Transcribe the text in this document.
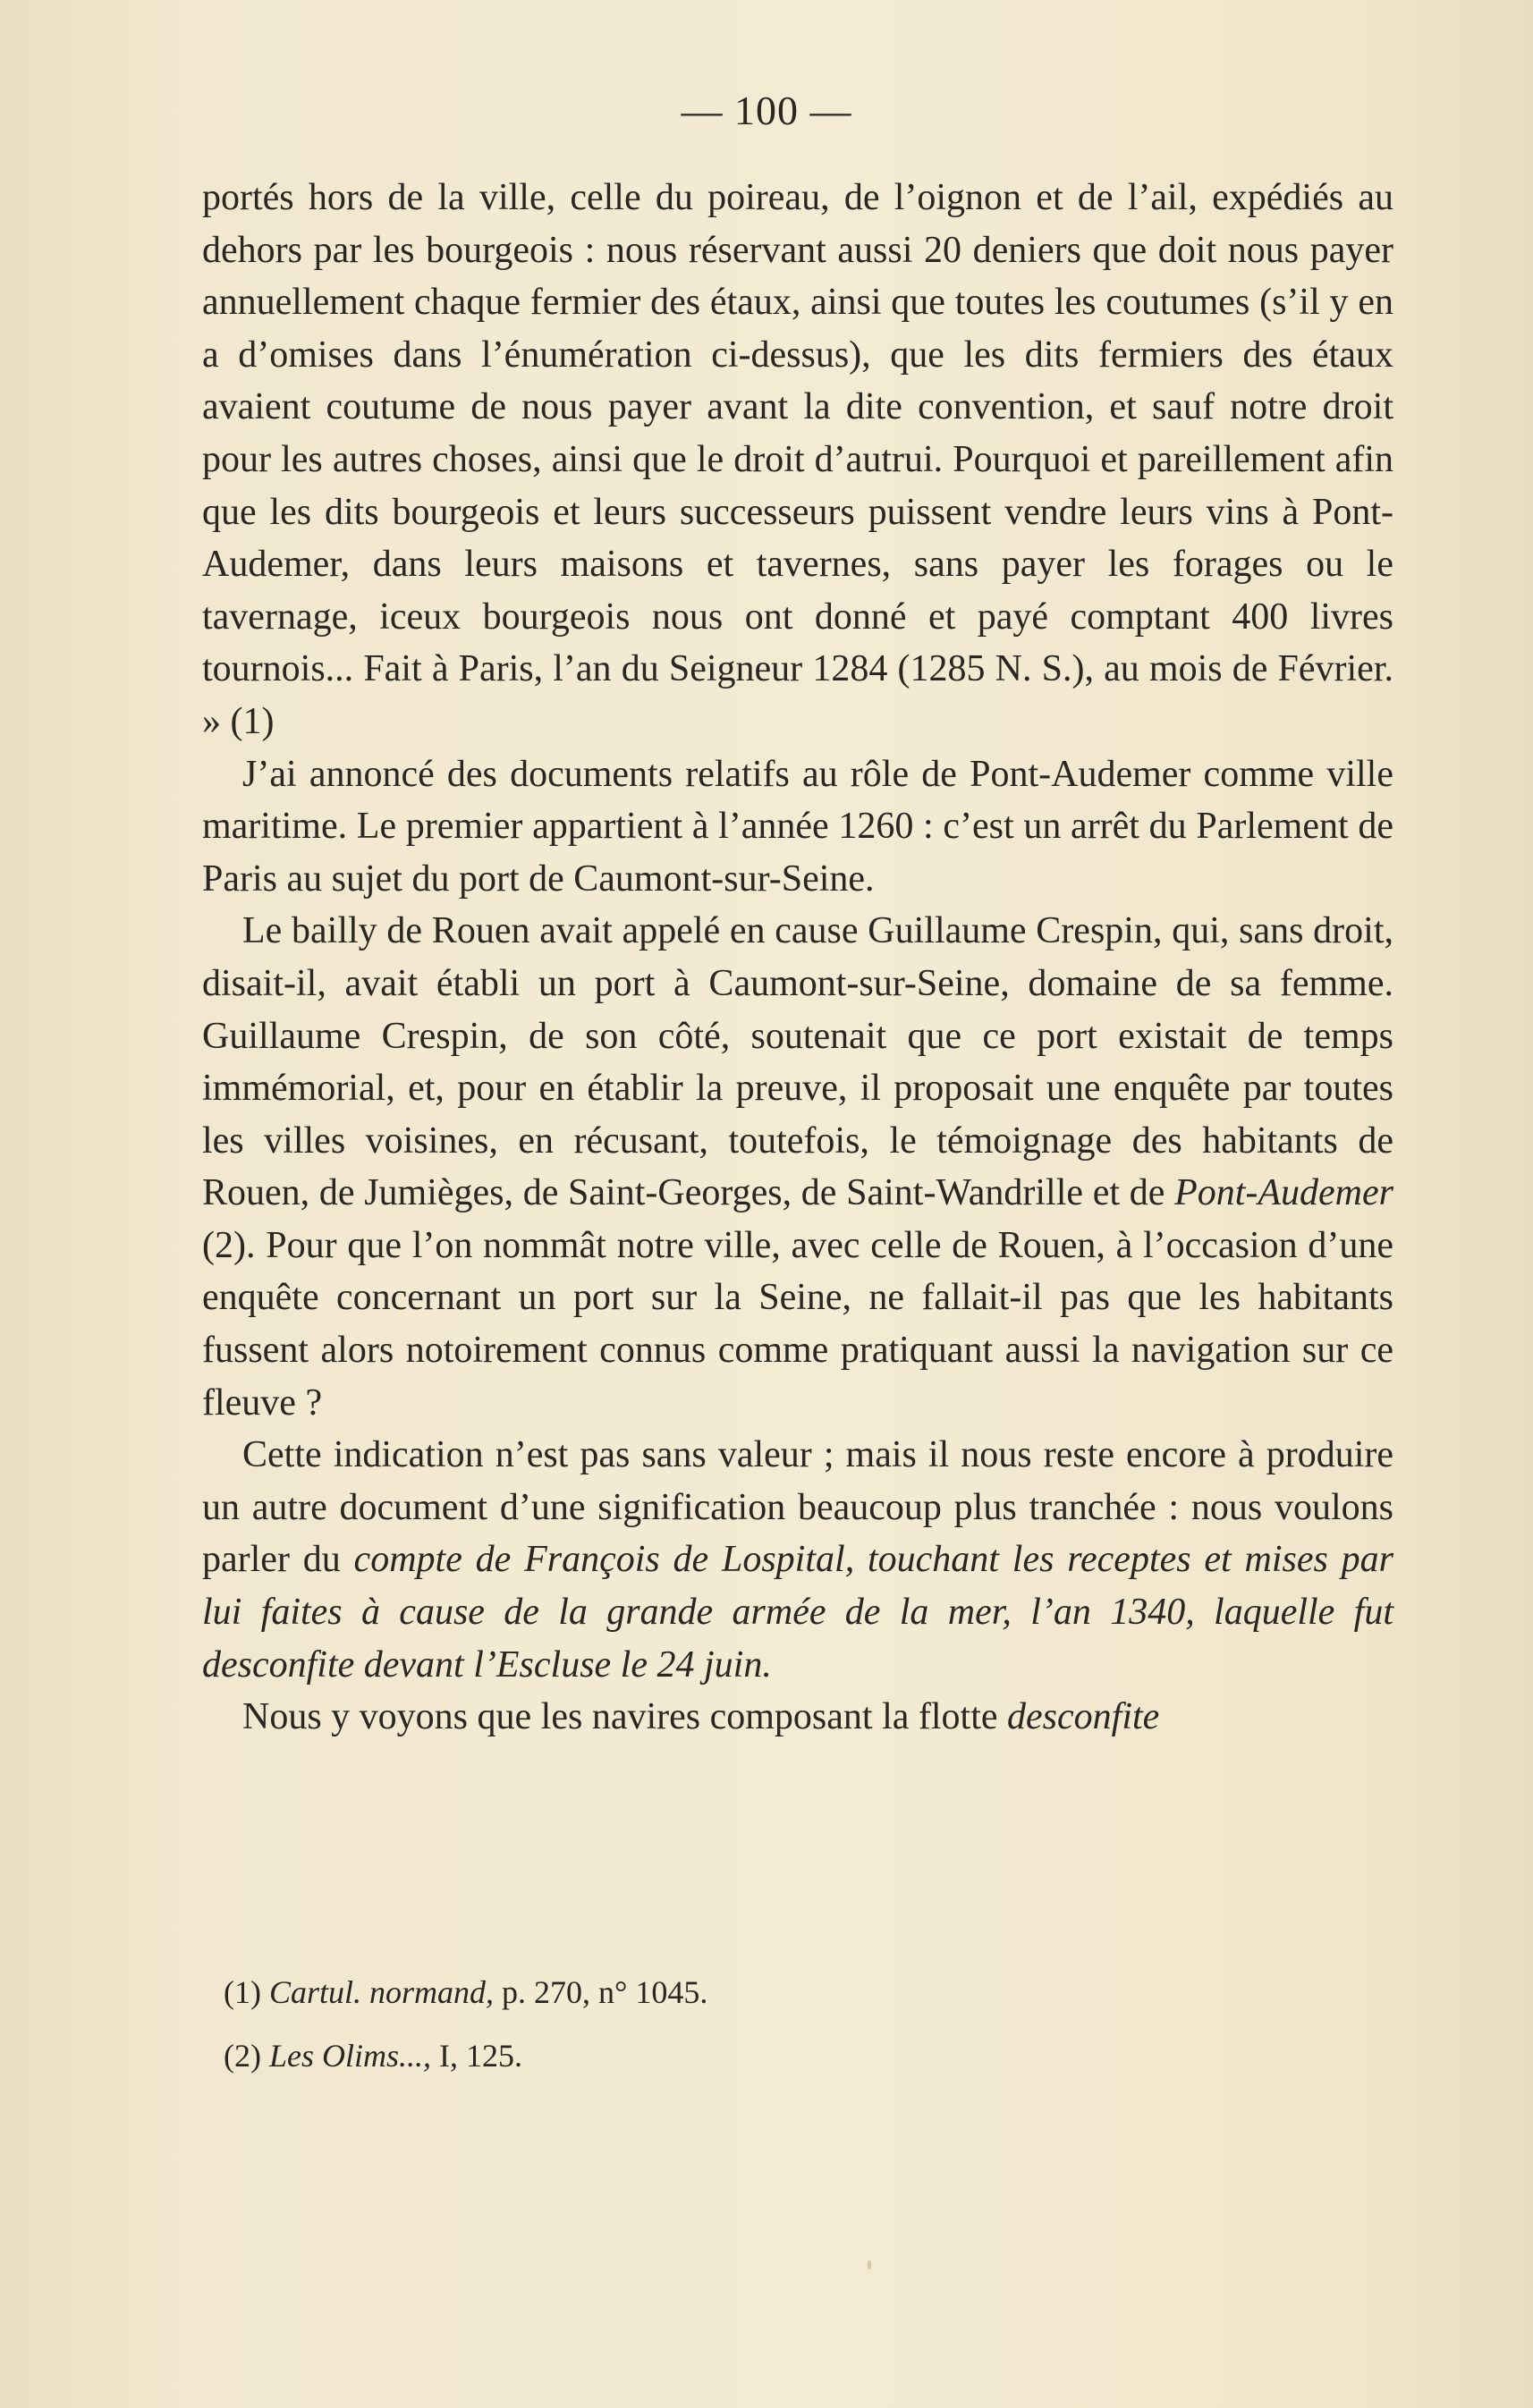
— 100 —

portés hors de la ville, celle du poireau, de l’oignon et de l’ail, expédiés au dehors par les bourgeois : nous réservant aussi 20 deniers que doit nous payer annuellement chaque fermier des étaux, ainsi que toutes les coutumes (s’il y en a d’omises dans l’énumération ci-dessus), que les dits fermiers des étaux avaient coutume de nous payer avant la dite convention, et sauf notre droit pour les autres choses, ainsi que le droit d’autrui. Pourquoi et pareillement afin que les dits bourgeois et leurs successeurs puissent vendre leurs vins à Pont-Audemer, dans leurs maisons et tavernes, sans payer les forages ou le tavernage, iceux bourgeois nous ont donné et payé comptant 400 livres tournois... Fait à Paris, l’an du Seigneur 1284 (1285 N. S.), au mois de Février. » (1)

J’ai annoncé des documents relatifs au rôle de Pont-Audemer comme ville maritime. Le premier appartient à l’année 1260 : c’est un arrêt du Parlement de Paris au sujet du port de Caumont-sur-Seine.

Le bailly de Rouen avait appelé en cause Guillaume Crespin, qui, sans droit, disait-il, avait établi un port à Caumont-sur-Seine, domaine de sa femme. Guillaume Crespin, de son côté, soutenait que ce port existait de temps immémorial, et, pour en établir la preuve, il proposait une enquête par toutes les villes voisines, en récusant, toutefois, le témoignage des habitants de Rouen, de Jumièges, de Saint-Georges, de Saint-Wandrille et de Pont-Audemer (2). Pour que l’on nommât notre ville, avec celle de Rouen, à l’occasion d’une enquête concernant un port sur la Seine, ne fallait-il pas que les habitants fussent alors notoirement connus comme pratiquant aussi la navigation sur ce fleuve ?

Cette indication n’est pas sans valeur ; mais il nous reste encore à produire un autre document d’une signification beaucoup plus tranchée : nous voulons parler du compte de François de Lospital, touchant les receptes et mises par lui faites à cause de la grande armée de la mer, l’an 1340, laquelle fut desconfite devant l’Escluse le 24 juin.

Nous y voyons que les navires composant la flotte desconfite

(1) Cartul. normand, p. 270, n° 1045.
(2) Les Olims..., I, 125.
